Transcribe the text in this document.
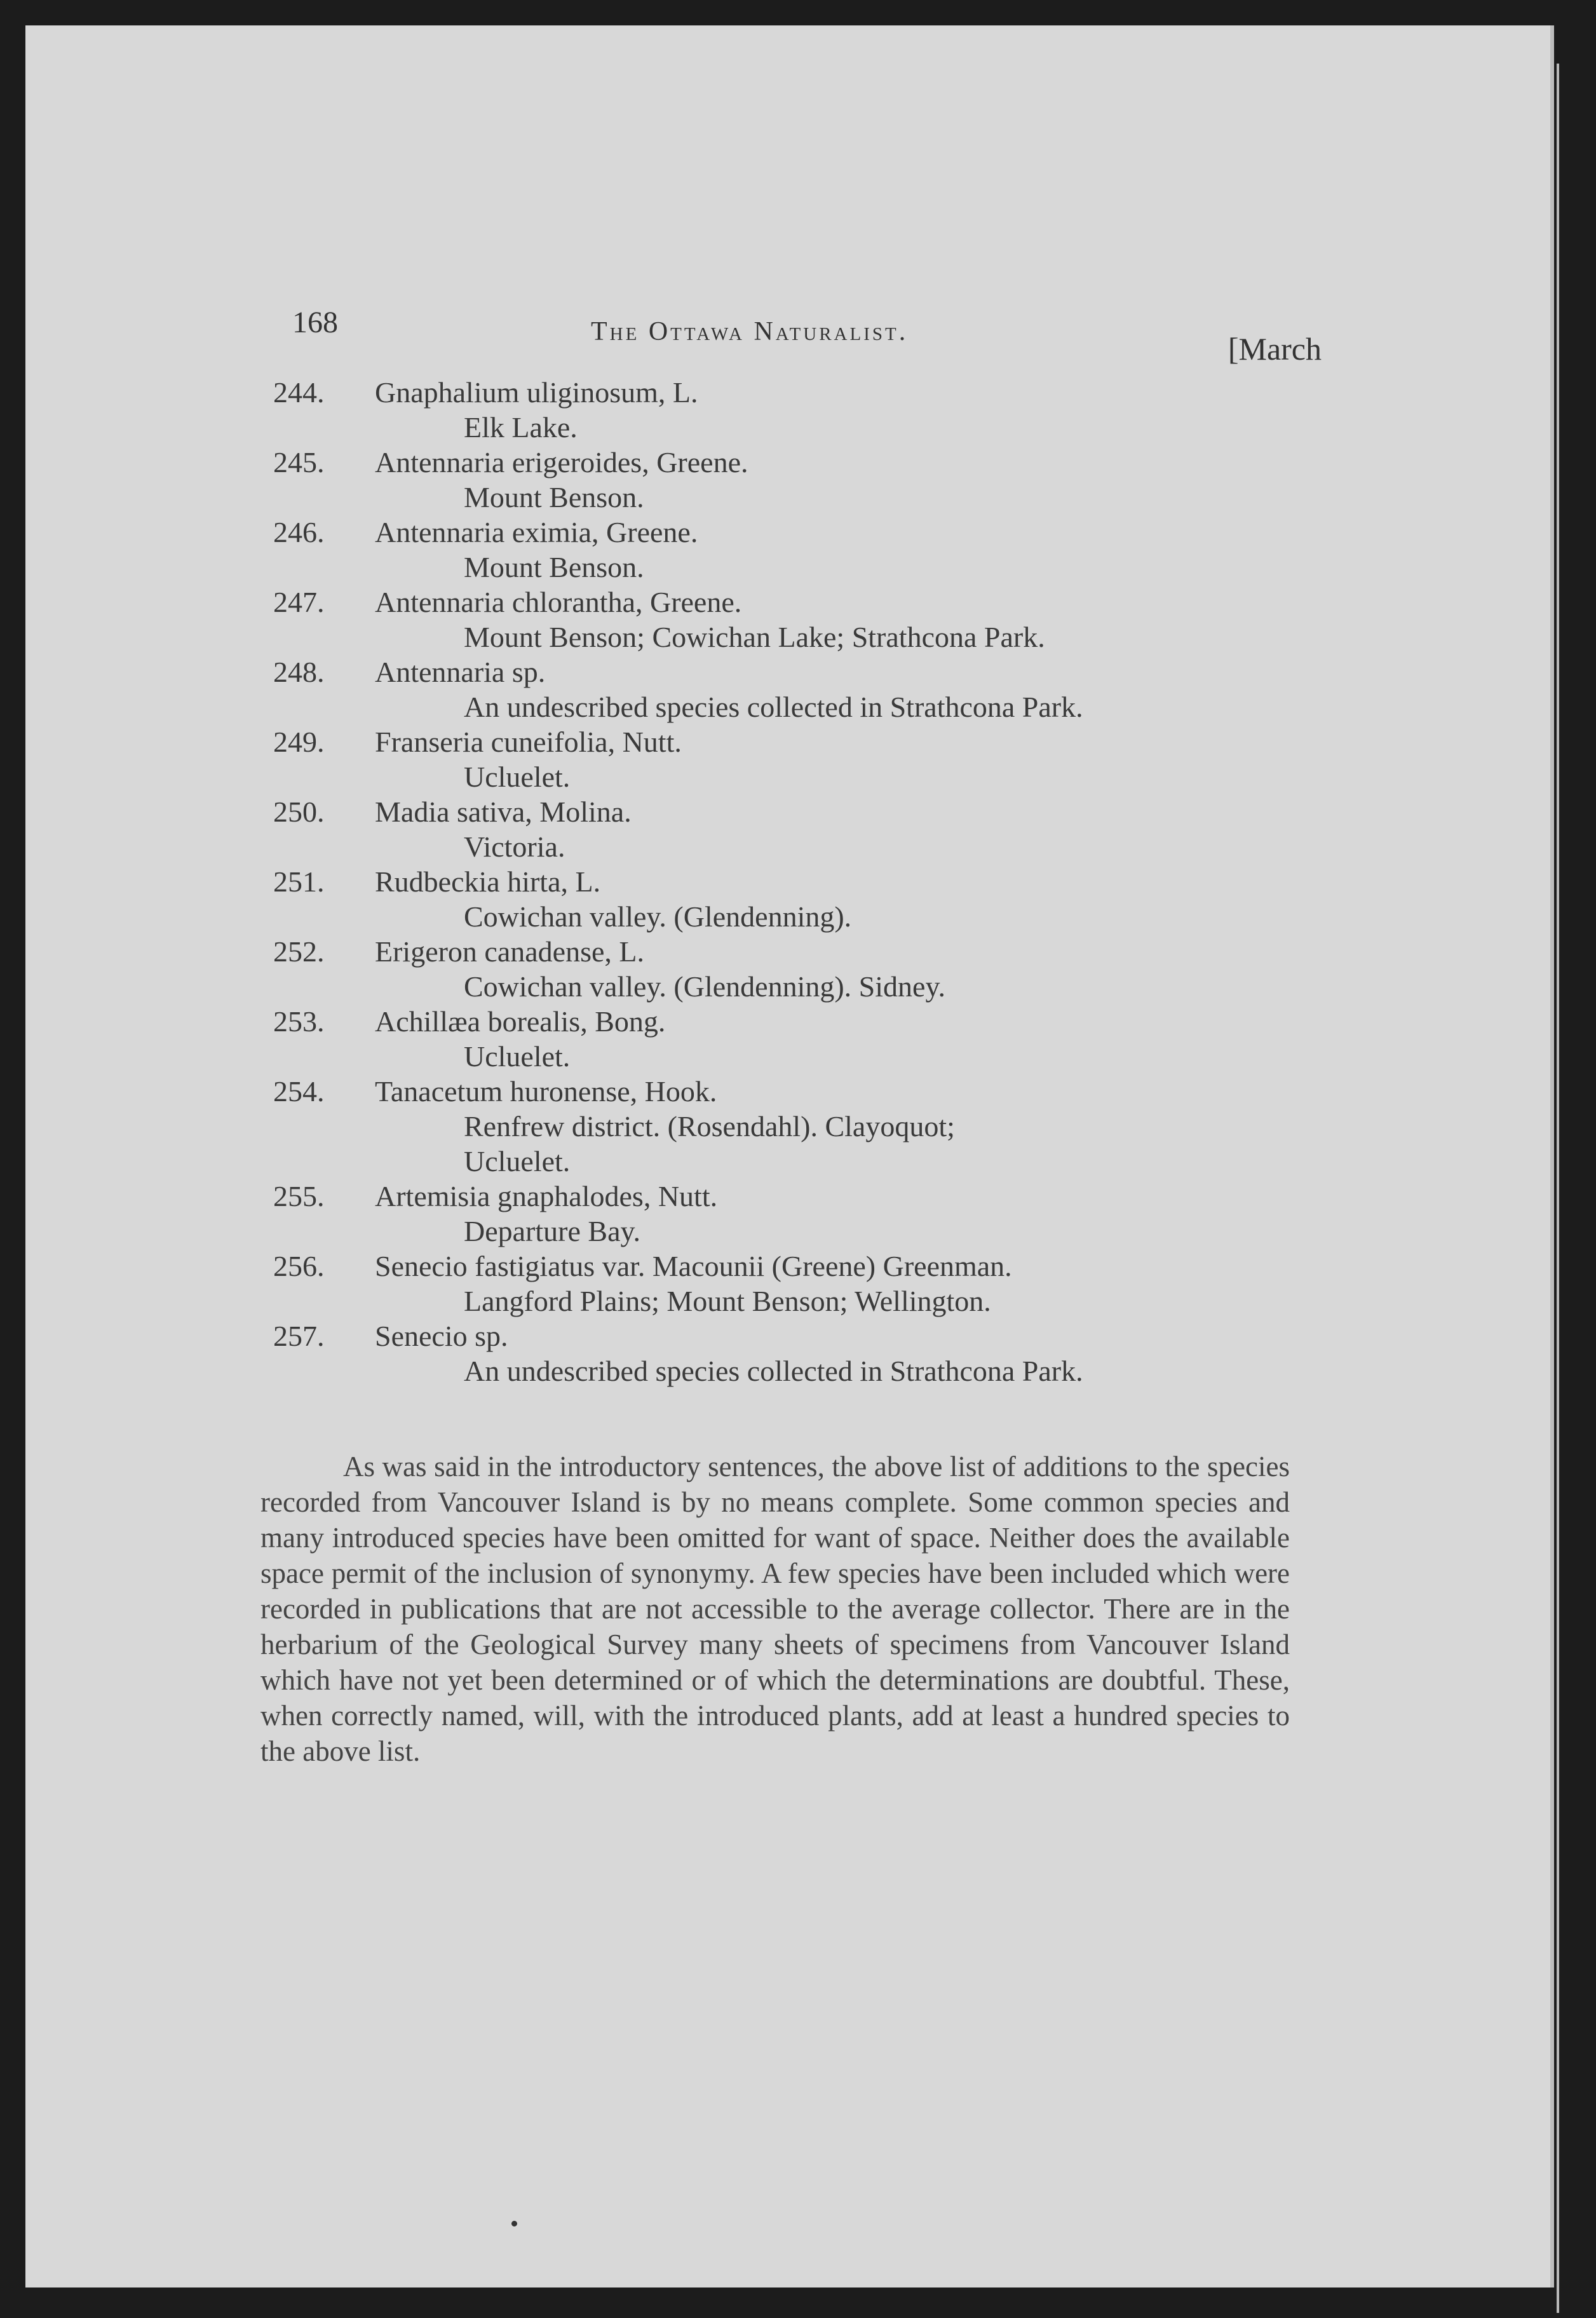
168	The Ottawa Naturalist.	[March
244. Gnaphalium uliginosum, L.
Elk Lake.
245. Antennaria erigeroides, Greene.
Mount Benson.
246. Antennaria eximia, Greene.
Mount Benson.
247. Antennaria chlorantha, Greene.
Mount Benson; Cowichan Lake; Strathcona Park.
248. Antennaria sp.
An undescribed species collected in Strathcona Park.
249. Franseria cuneifolia, Nutt.
Ucluelet.
250. Madia sativa, Molina.
Victoria.
251. Rudbeckia hirta, L.
Cowichan valley. (Glendenning).
252. Erigeron canadense, L.
Cowichan valley. (Glendenning). Sidney.
253. Achillæa borealis, Bong.
Ucluelet.
254. Tanacetum huronense, Hook.
Renfrew district. (Rosendahl). Clayoquot;
Ucluelet.
255. Artemisia gnaphalodes, Nutt.
Departure Bay.
256. Senecio fastigiatus var. Macounii (Greene) Greenman.
Langford Plains; Mount Benson; Wellington.
257. Senecio sp.
An undescribed species collected in Strathcona Park.

As was said in the introductory sentences, the above list of additions to the species recorded from Vancouver Island is by no means complete. Some common species and many introduced species have been omitted for want of space. Neither does the available space permit of the inclusion of synonymy. A few species have been included which were recorded in publications that are not accessible to the average collector. There are in the herbarium of the Geological Survey many sheets of specimens from Vancouver Island which have not yet been determined or of which the determinations are doubtful. These, when correctly named, will, with the introduced plants, add at least a hundred species to the above list.
